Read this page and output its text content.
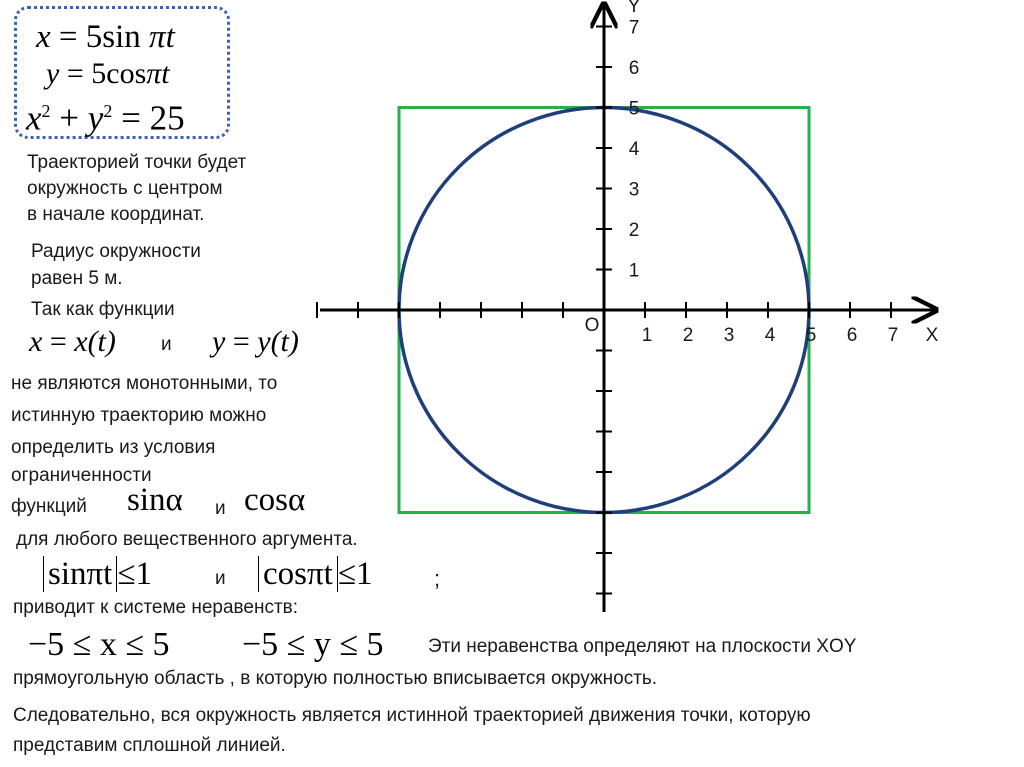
x = 5sin πt
y = 5cosπt
$x^2 + y^2 = 25$
Траекторией точки будет
окружность с центром
в начале координат.
Радиус окружности
равен 5 м.
Так как функции
x = x(t) и y = y(t)
не являются монотонными, то
истинную траекторию можно
определить из условия
ограниченности
функций sinα и cosα
для любого вещественного аргумента.
sinπt ≤1	и cosπt ≤1	;
приводит к системе неравенств:
−5 ≤ x ≤ 5 −5 ≤ y ≤ 5 Эти неравенства определяют на плоскости XOY
прямоугольную область , в которую полностью вписывается окружность.
Следовательно, вся окружность является истинной траекторией движения точки, которую
представим сплошной линией.
1 2 3 4 5 6 7
1
2
3
4
5
6
7
O	X
Y
